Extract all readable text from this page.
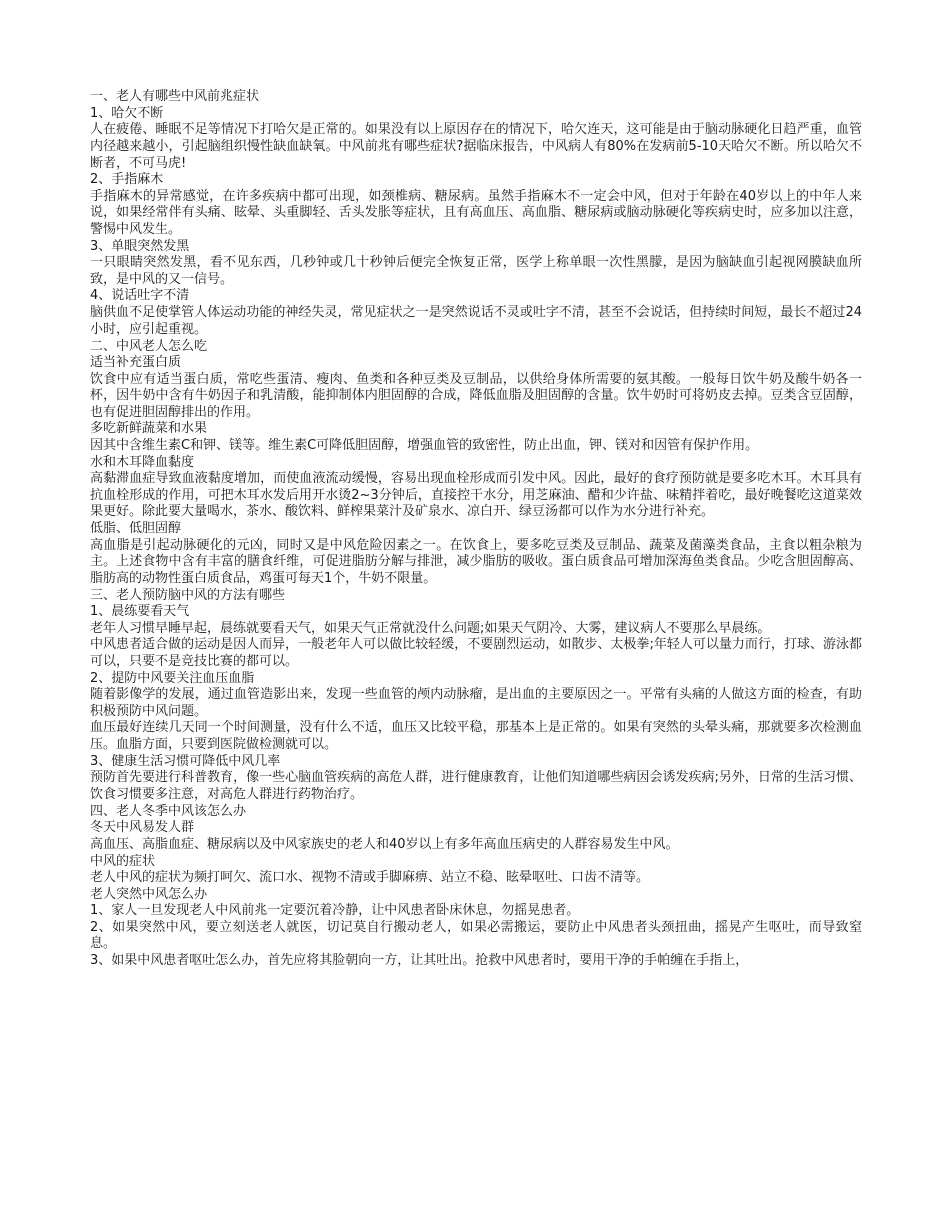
一、老人有哪些中风前兆症状

1、哈欠不断

人在疲倦、睡眠不足等情况下打哈欠是正常的。如果没有以上原因存在的情况下，哈欠连天，这可能是由于脑动脉硬化日趋严重，血管内径越来越小，引起脑组织慢性缺血缺氧。中风前兆有哪些症状?据临床报告，中风病人有80%在发病前5-10天哈欠不断。所以哈欠不断者，不可马虎!

2、手指麻木

手指麻木的异常感觉，在许多疾病中都可出现，如颈椎病、糖尿病。虽然手指麻木不一定会中风，但对于年龄在40岁以上的中年人来说，如果经常伴有头痛、眩晕、头重脚轻、舌头发胀等症状，且有高血压、高血脂、糖尿病或脑动脉硬化等疾病史时，应多加以注意，警惕中风发生。

3、单眼突然发黑

一只眼睛突然发黑，看不见东西，几秒钟或几十秒钟后便完全恢复正常，医学上称单眼一次性黑朦，是因为脑缺血引起视网膜缺血所致，是中风的又一信号。

4、说话吐字不清

脑供血不足使掌管人体运动功能的神经失灵，常见症状之一是突然说话不灵或吐字不清，甚至不会说话，但持续时间短，最长不超过24小时，应引起重视。

二、中风老人怎么吃

适当补充蛋白质

饮食中应有适当蛋白质，常吃些蛋清、瘦肉、鱼类和各种豆类及豆制品，以供给身体所需要的氨其酸。一般每日饮牛奶及酸牛奶各一杯，因牛奶中含有牛奶因子和乳清酸，能抑制体内胆固醇的合成，降低血脂及胆固醇的含量。饮牛奶时可将奶皮去掉。豆类含豆固醇，也有促进胆固醇排出的作用。

多吃新鲜蔬菜和水果

因其中含维生素C和钾、镁等。维生素C可降低胆固醇，增强血管的致密性，防止出血，钾、镁对和因管有保护作用。

水和木耳降血黏度

高黏滞血症导致血液黏度增加，而使血液流动缓慢，容易出现血栓形成而引发中风。因此，最好的食疗预防就是要多吃木耳。木耳具有抗血栓形成的作用，可把木耳水发后用开水烫2~3分钟后，直接控干水分，用芝麻油、醋和少许盐、味精拌着吃，最好晚餐吃这道菜效果更好。除此要大量喝水，茶水、酸饮料、鲜榨果菜汁及矿泉水、凉白开、绿豆汤都可以作为水分进行补充。

低脂、低胆固醇

高血脂是引起动脉硬化的元凶，同时又是中风危险因素之一。在饮食上，要多吃豆类及豆制品、蔬菜及菌藻类食品，主食以粗杂粮为主。上述食物中含有丰富的膳食纤维，可促进脂肪分解与排泄，减少脂肪的吸收。蛋白质食品可增加深海鱼类食品。少吃含胆固醇高、脂肪高的动物性蛋白质食品，鸡蛋可每天1个，牛奶不限量。

三、老人预防脑中风的方法有哪些

1、晨练要看天气

老年人习惯早睡早起，晨练就要看天气，如果天气正常就没什么问题;如果天气阴冷、大雾，建议病人不要那么早晨练。

中风患者适合做的运动是因人而异，一般老年人可以做比较轻缓，不要剧烈运动，如散步、太极拳;年轻人可以量力而行，打球、游泳都可以，只要不是竞技比赛的都可以。

2、提防中风要关注血压血脂

随着影像学的发展，通过血管造影出来，发现一些血管的颅内动脉瘤，是出血的主要原因之一。平常有头痛的人做这方面的检查，有助积极预防中风问题。

血压最好连续几天同一个时间测量，没有什么不适，血压又比较平稳，那基本上是正常的。如果有突然的头晕头痛，那就要多次检测血压。血脂方面，只要到医院做检测就可以。

3、健康生活习惯可降低中风几率

预防首先要进行科普教育，像一些心脑血管疾病的高危人群，进行健康教育，让他们知道哪些病因会诱发疾病;另外，日常的生活习惯、饮食习惯要多注意，对高危人群进行药物治疗。

四、老人冬季中风该怎么办

冬天中风易发人群

高血压、高脂血症、糖尿病以及中风家族史的老人和40岁以上有多年高血压病史的人群容易发生中风。

中风的症状

老人中风的症状为频打呵欠、流口水、视物不清或手脚麻痹、站立不稳、眩晕呕吐、口齿不清等。

老人突然中风怎么办

1、家人一旦发现老人中风前兆一定要沉着冷静，让中风患者卧床休息，勿摇晃患者。

2、如果突然中风，要立刻送老人就医，切记莫自行搬动老人，如果必需搬运，要防止中风患者头颈扭曲，摇晃产生呕吐，而导致窒息。

3、如果中风患者呕吐怎么办，首先应将其脸朝向一方，让其吐出。抢救中风患者时，要用干净的手帕缠在手指上，
